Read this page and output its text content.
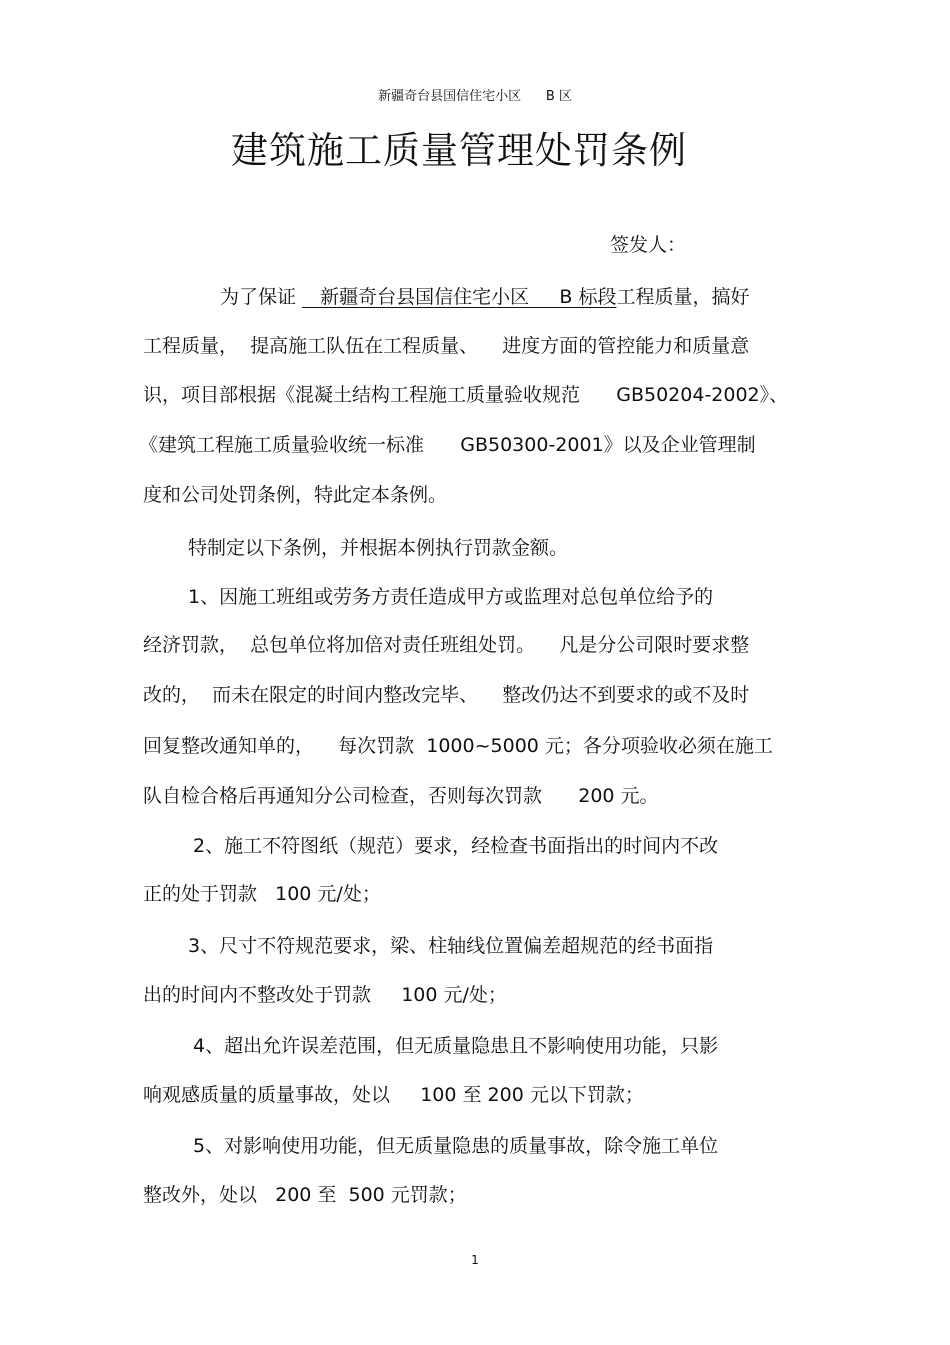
新疆奇台县国信住宅小区      B 区
建筑施工质量管理处罚条例
签发人：
为了保证    新疆奇台县国信住宅小区     B 标段工程质量，搞好
工程质量，  提高施工队伍在工程质量、    进度方面的管控能力和质量意
识，项目部根据《混凝土结构工程施工质量验收规范      GB50204-2002》、
《建筑工程施工质量验收统一标准      GB50300-2001》以及企业管理制
度和公司处罚条例，特此定本条例。
特制定以下条例，并根据本例执行罚款金额。
1、因施工班组或劳务方责任造成甲方或监理对总包单位给予的
经济罚款，  总包单位将加倍对责任班组处罚。    凡是分公司限时要求整
改的，  而未在限定的时间内整改完毕、    整改仍达不到要求的或不及时
回复整改通知单的，    每次罚款  1000~5000 元；各分项验收必须在施工
队自检合格后再通知分公司检查，否则每次罚款      200 元。
2、施工不符图纸（规范）要求，经检查书面指出的时间内不改
正的处于罚款   100 元/处；
3、尺寸不符规范要求，梁、柱轴线位置偏差超规范的经书面指
出的时间内不整改处于罚款     100 元/处；
4、超出允许误差范围，但无质量隐患且不影响使用功能，只影
响观感质量的质量事故，处以     100 至 200 元以下罚款；
5、对影响使用功能，但无质量隐患的质量事故，除令施工单位
整改外，处以   200 至  500 元罚款；
1
